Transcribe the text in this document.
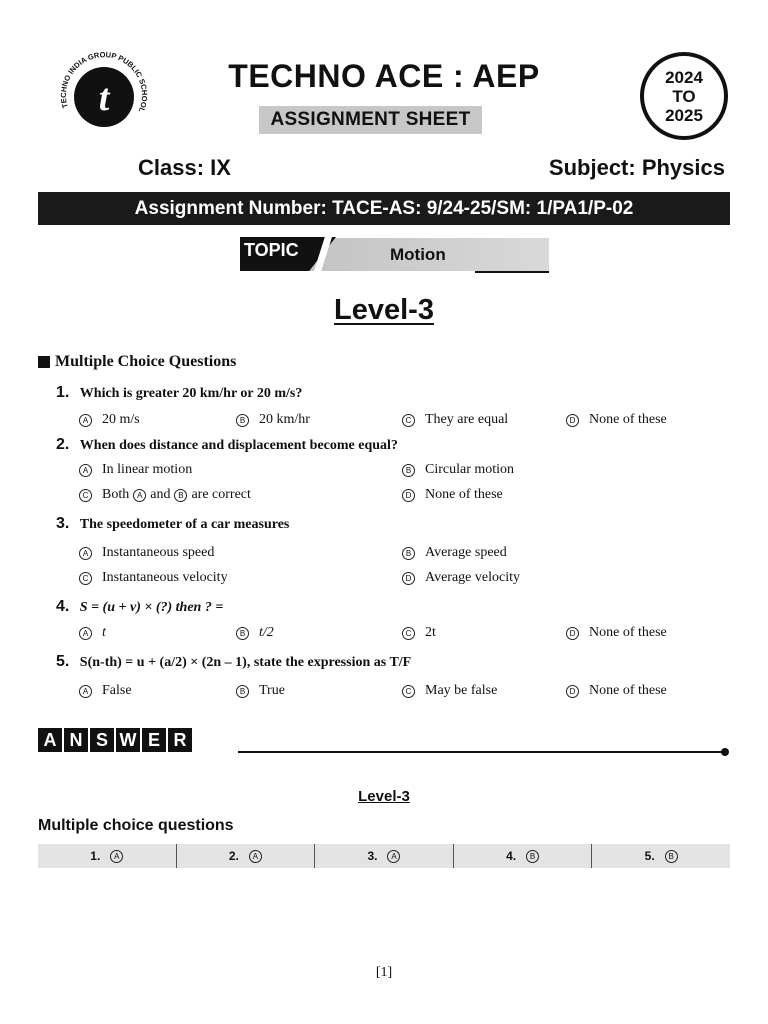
TECHNO INDIA GROUP PUBLIC SCHOOL
t
TECHNO ACE : AEP
ASSIGNMENT SHEET
2024
TO
2025
Class: IX	Subject: Physics
Assignment Number: TACE-AS: 9/24-25/SM: 1/PA1/P-02
TOPIC	Motion
Level-3
Multiple Choice Questions
1. Which is greater 20 km/hr or 20 m/s?
A 20 m/s	B 20 km/hr	C They are equal	D None of these
2. When does distance and displacement become equal?
A In linear motion	B Circular motion
C Both A and B are correct	D None of these
3. The speedometer of a car measures
A Instantaneous speed	B Average speed
C Instantaneous velocity	D Average velocity
4. S = (u + v) × (?) then ? =
A t	B t/2	C 2t	D None of these
5. S(n-th) = u + (a/2) × (2n – 1), state the expression as T/F
A False	B True	C May be false	D None of these
A N S W E R
Level-3
Multiple choice questions
1.	A	2.	A	3.	A	4.	B	5.	B
[1]
